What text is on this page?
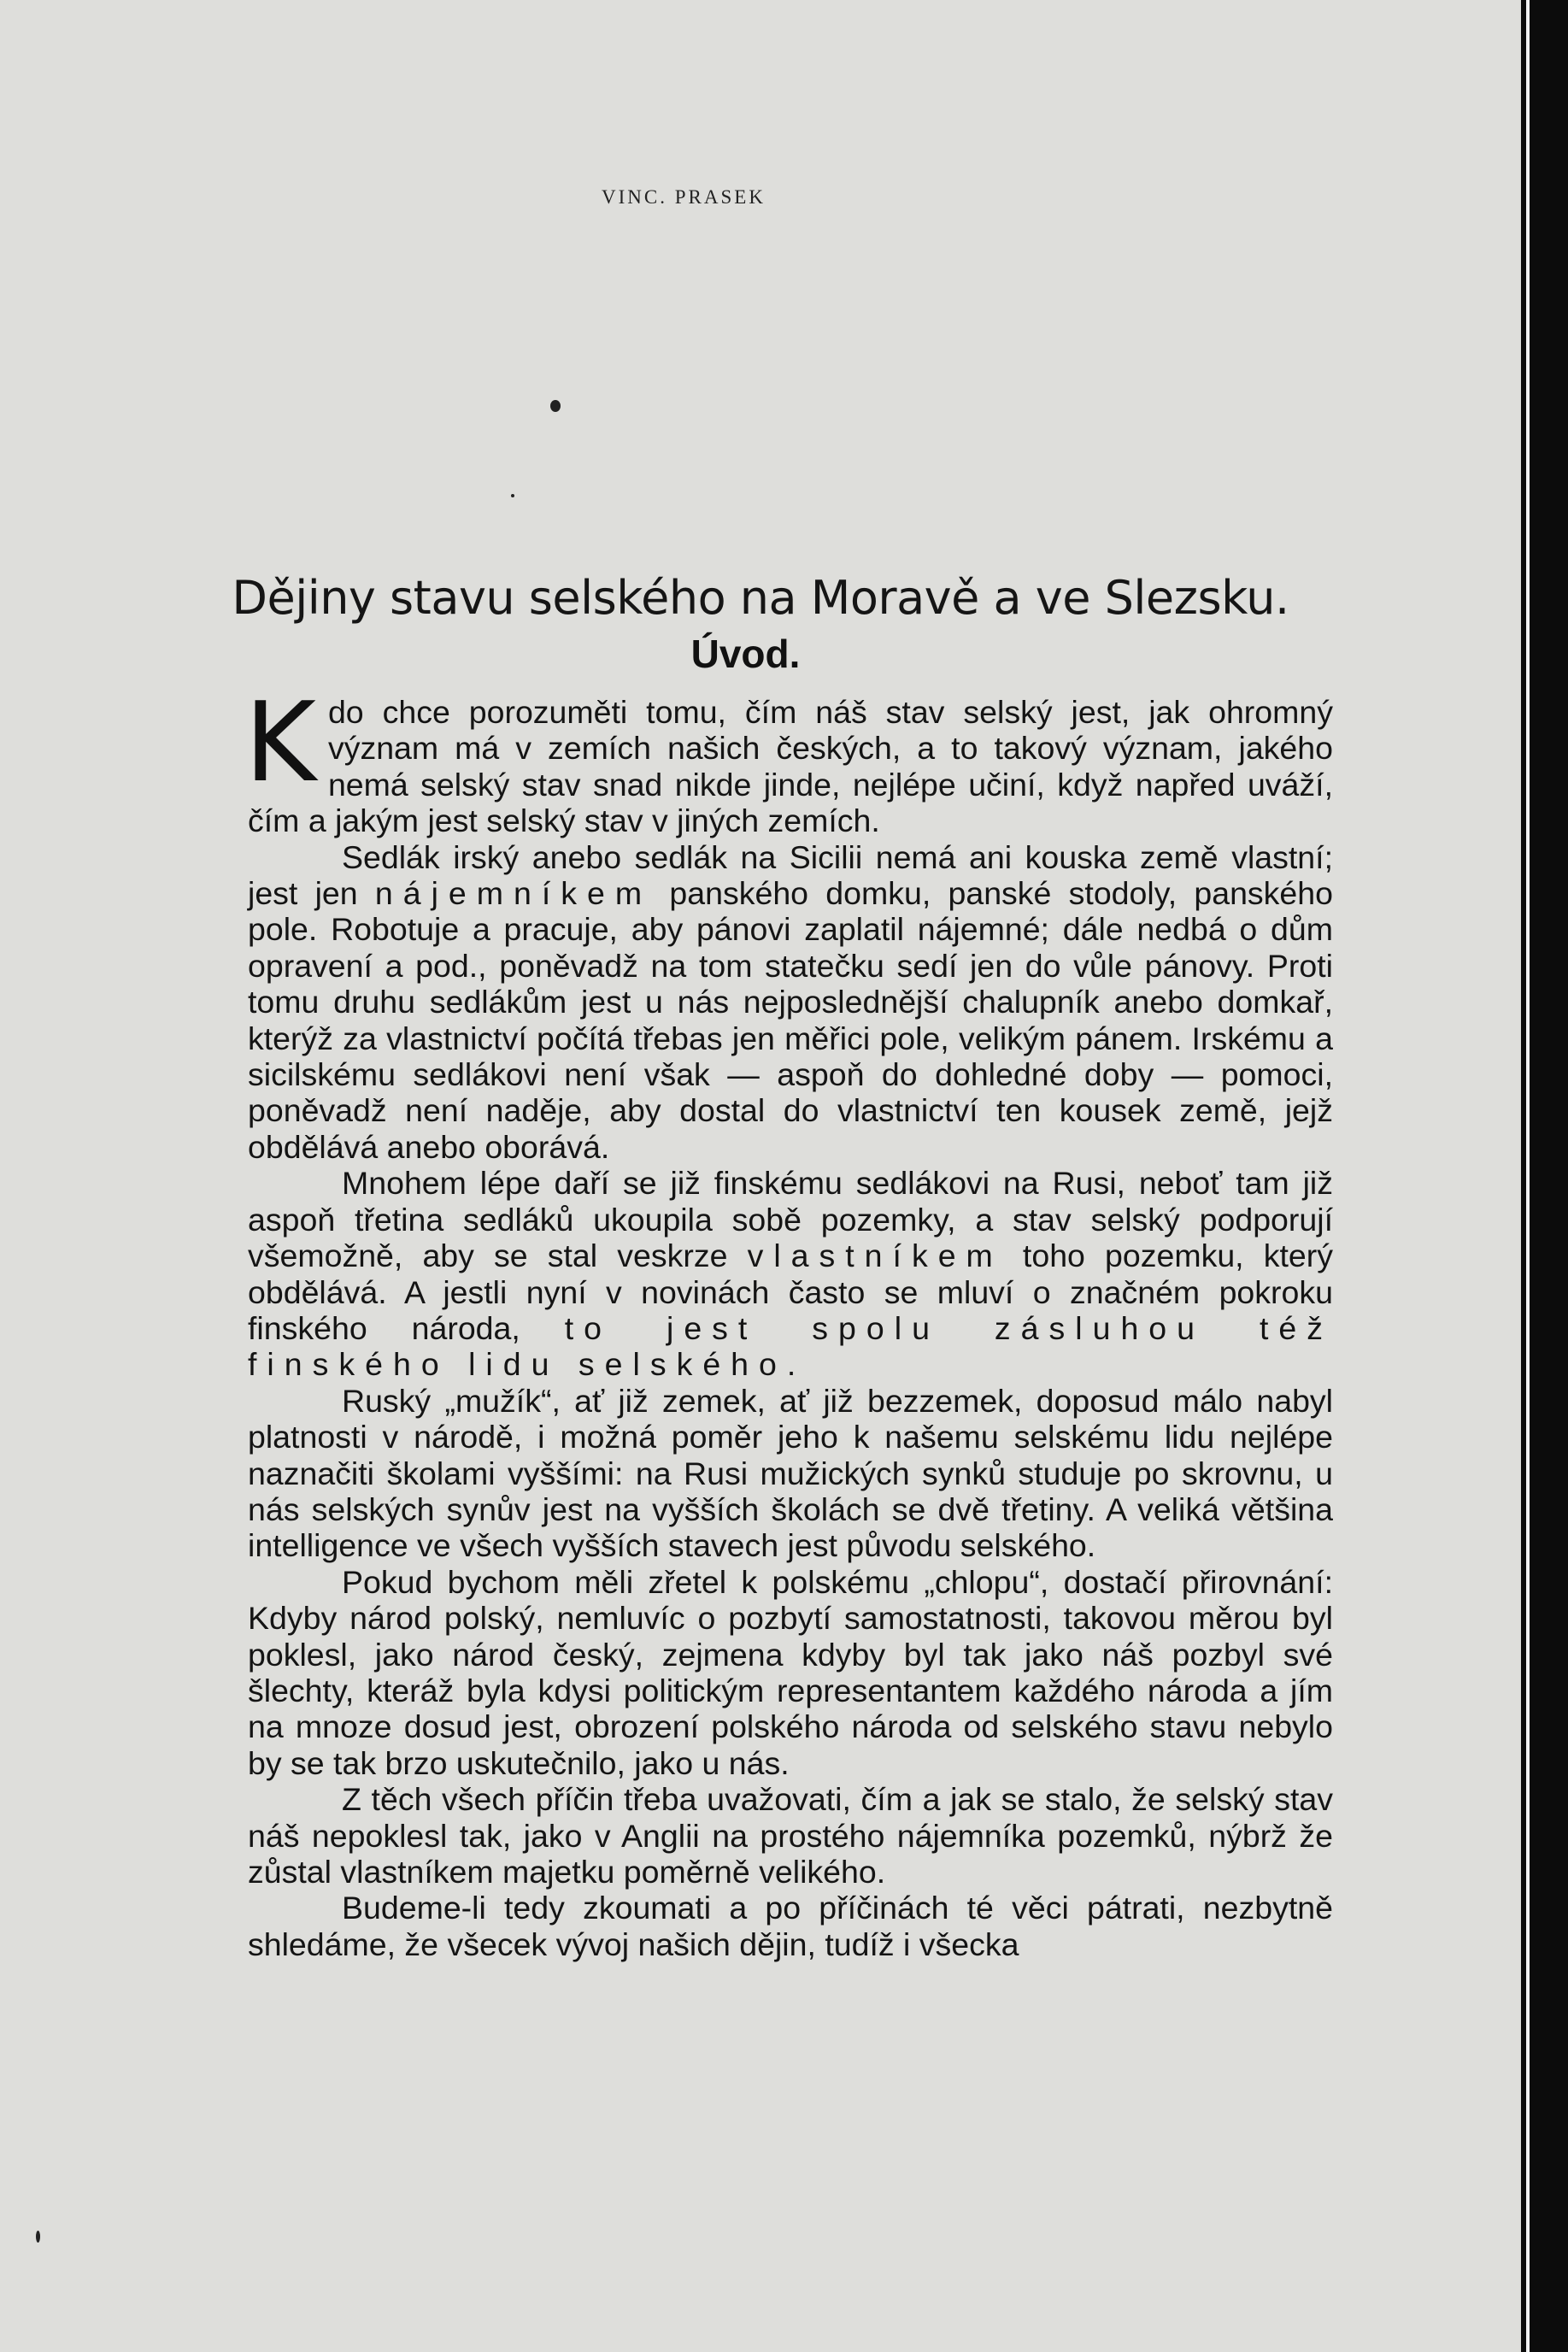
VINC. PRASEK
Dějiny stavu selského na Moravě a ve Slezsku.
Úvod.

Kdo chce porozuměti tomu, čím náš stav selský jest, jak ohromný význam má v zemích našich českých, a to takový význam, jakého nemá selský stav snad nikde jinde, nejlépe učiní, když napřed uváží, čím a jakým jest selský stav v jiných zemích.

Sedlák irský anebo sedlák na Sicilii nemá ani kouska země vlastní; jest jen nájemníkem panského domku, panské stodoly, panského pole. Robotuje a pracuje, aby pánovi zaplatil nájemné; dále nedbá o dům opravení a pod., poněvadž na tom statečku sedí jen do vůle pánovy. Proti tomu druhu sedlákům jest u nás nejposlednější chalupník anebo domkař, kterýž za vlastnictví počítá třebas jen měřici pole, velikým pánem. Irskému a sicilskému sedlákovi není však — aspoň do dohledné doby — pomoci, poněvadž není naděje, aby dostal do vlastnictví ten kousek země, jejž obdělává anebo oborává.

Mnohem lépe daří se již finskému sedlákovi na Rusi, neboť tam již aspoň třetina sedláků ukoupila sobě pozemky, a stav selský podporují všemožně, aby se stal veskrze vlastníkem toho pozemku, který obdělává. A jestli nyní v novinách často se mluví o značném pokroku finského národa, to jest spolu zásluhou též finského lidu selského.

Ruský „mužík“, ať již zemek, ať již bezzemek, doposud málo nabyl platnosti v národě, i možná poměr jeho k našemu selskému lidu nejlépe naznačiti školami vyššími: na Rusi mužických synků studuje po skrovnu, u nás selských synův jest na vyšších školách se dvě třetiny. A veliká většina intelligence ve všech vyšších stavech jest původu selského.

Pokud bychom měli zřetel k polskému „chlopu“, dostačí přirovnání: Kdyby národ polský, nemluvíc o pozbytí samostatnosti, takovou měrou byl poklesl, jako národ český, zejmena kdyby byl tak jako náš pozbyl své šlechty, kteráž byla kdysi politickým representantem každého národa a jím na mnoze dosud jest, obrození polského národa od selského stavu nebylo by se tak brzo uskutečnilo, jako u nás.

Z těch všech příčin třeba uvažovati, čím a jak se stalo, že selský stav náš nepoklesl tak, jako v Anglii na prostého nájemníka pozemků, nýbrž že zůstal vlastníkem majetku poměrně velikého.

Budeme-li tedy zkoumati a po příčinách té věci pátrati, nezbytně shledáme, že všecek vývoj našich dějin, tudíž i všecka
